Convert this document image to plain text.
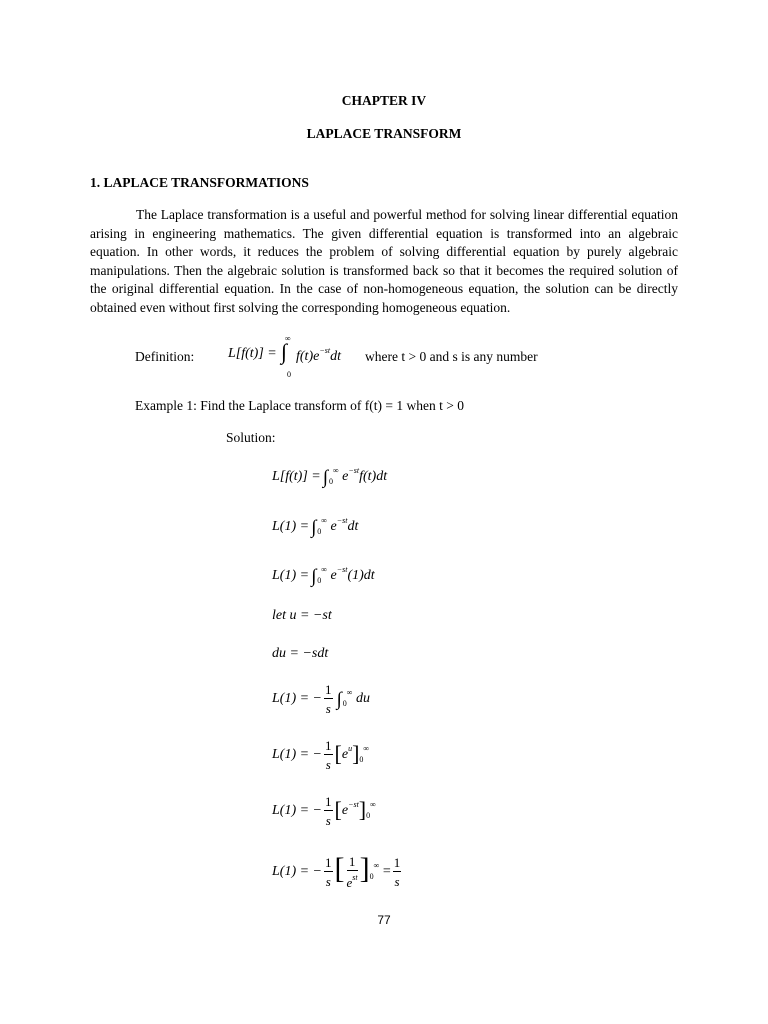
CHAPTER IV
LAPLACE TRANSFORM
1. LAPLACE TRANSFORMATIONS
The Laplace transformation is a useful and powerful method for solving linear differential equation arising in engineering mathematics. The given differential equation is transformed into an algebraic equation. In other words, it reduces the problem of solving differential equation by purely algebraic manipulations. Then the algebraic solution is transformed back so that it becomes the required solution of the original differential equation. In the case of non-homogeneous equation, the solution can be directly obtained even without first solving the corresponding homogeneous equation.
Definition: L[f(t)] =
∞
∫
0
$f(t)e^{-st}dt$ where t > 0 and s is any number
Example 1: Find the Laplace transform of f(t) = 1 when t > 0
Solution:
$L[f(t)] = \int_0^\infty$ $e^{-st}f(t)dt$
$L(1) = \int_0^\infty$ $e^{-st}dt$
$L(1) = \int_0^\infty$ $e^{-st}(1)dt$
let u = −st
du = −sdt
L(1) = − $\frac{1}{s} \int_0^\infty$ du
L(1) = − $\frac{1}{s} [e^u]_0^\infty$
L(1) = − $\frac{1}{s} [e^{-st}]_0^\infty$
L(1) = − $\frac{1}{s}$ [ $\frac{1}{e^{st}} ]_0^\infty = \frac{1}{s}$
77
